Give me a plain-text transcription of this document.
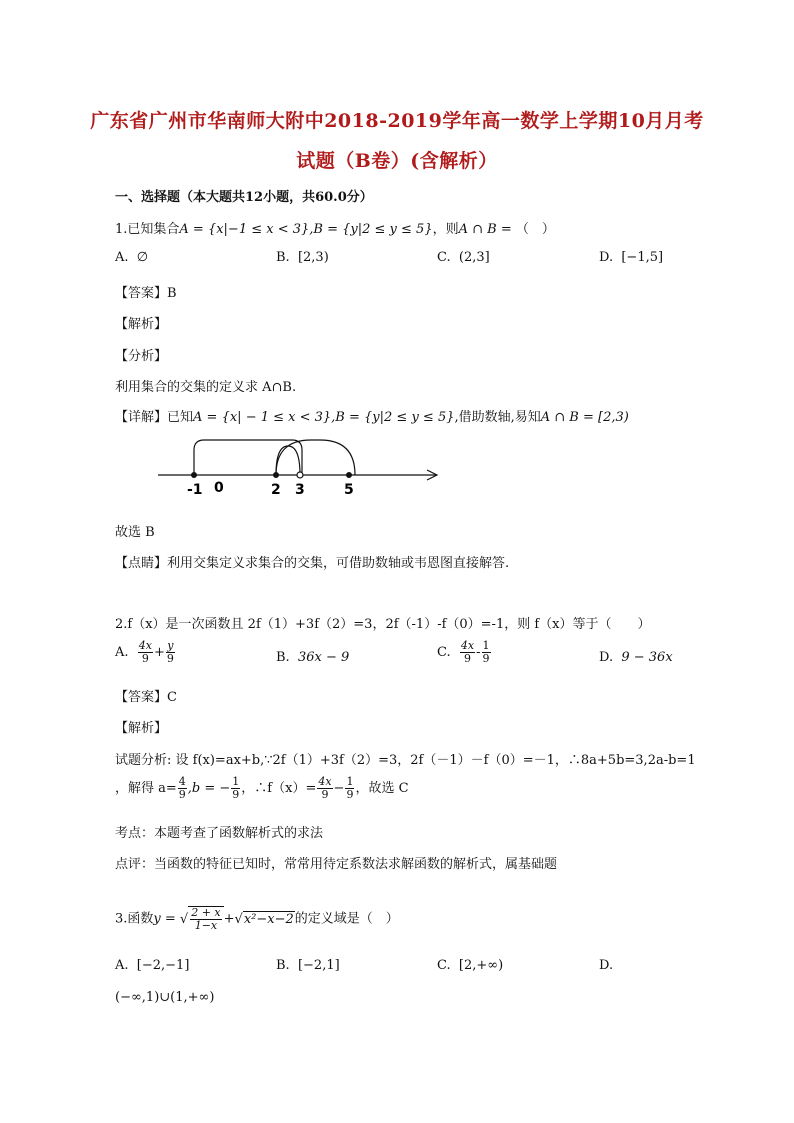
广东省广州市华南师大附中2018-2019学年高一数学上学期10月月考
试题（B卷）(含解析）
一、选择题（本大题共12小题，共60.0分）
1.已知集合A = {x|−1 ≤ x < 3},B = {y|2 ≤ y ≤ 5}，则A ∩ B = （　）
A. ∅	B. [2,3)	C. (2,3]	D. [−1,5]
【答案】B
【解析】
【分析】
利用集合的交集的定义求 A∩B.
【详解】已知A = {x| − 1 ≤ x < 3},B = {y|2 ≤ y ≤ 5},借助数轴,易知A ∩ B = [2,3)
-1 0	2 3	5
故选 B
【点睛】利用交集定义求集合的交集，可借助数轴或韦恩图直接解答.
2.f（x）是一次函数且 2f（1）+3f（2）=3，2f（-1）-f（0）=-1，则 f（x）等于（　　）
A. $\frac{4x}{9} + \frac{y}{9}$	B. 36x − 9	C. $\frac{4x}{9} - \frac{1}{9}$	D. 9 − 36x
【答案】C
【解析】
试题分析: 设 f(x)=ax+b,∵2f（1）+3f（2）=3，2f（－1）－f（0）=－1，∴8a+5b=3,2a-b=1
，解得 $a= \frac{4}{9} ,b$ = − $\frac{1}{9}$ ，∴f（x）= $\frac{4x}{9} - \frac{1}{9}$ ，故选 C
考点：本题考查了函数解析式的求法
点评：当函数的特征已知时，常常用待定系数法求解函数的解析式，属基础题
3.函数y = √ $\frac{2 + x}{1-x} +√x^2-x-2$的定义域是（　）
A. [−2,−1]	B. [−2,1]	C. [2,+∞)	D.
(−∞,1)∪(1,+∞)
